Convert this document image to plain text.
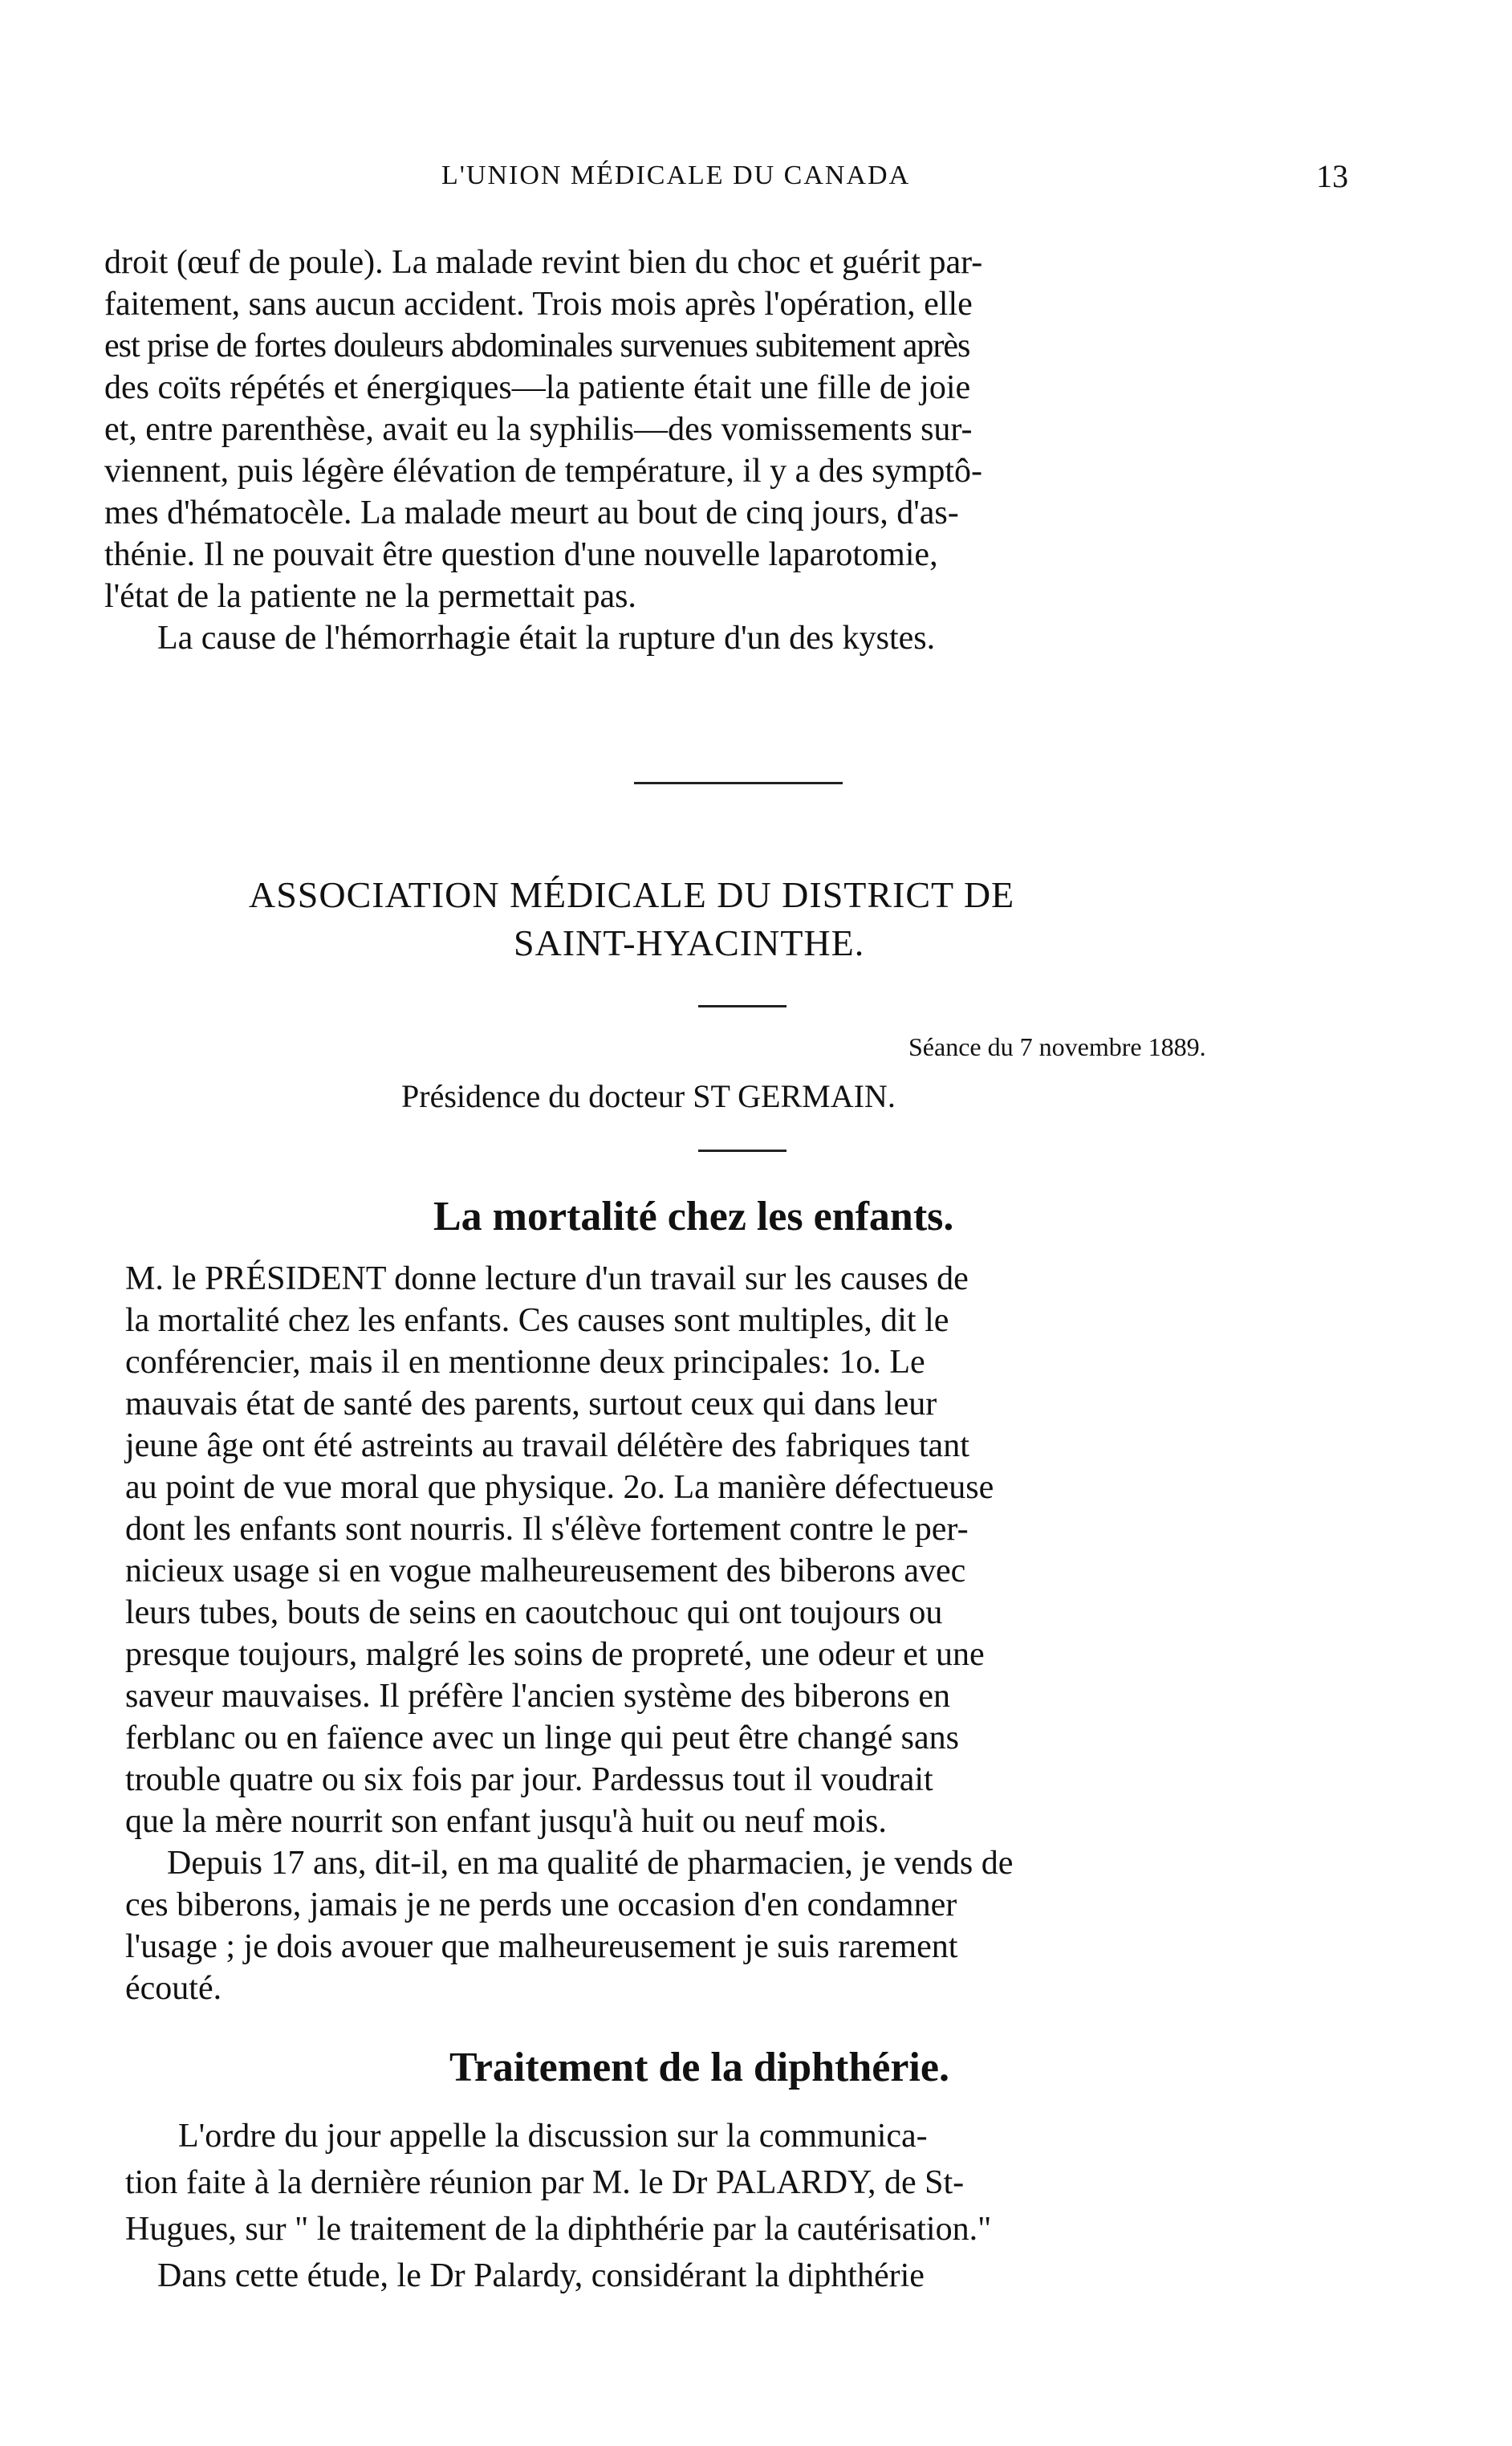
L'UNION MÉDICALE DU CANADA	13
droit (œuf de poule). La malade revint bien du choc et guérit par-
faitement, sans aucun accident. Trois mois après l'opération, elle
est prise de fortes douleurs abdominales survenues subitement après
des coïts répétés et énergiques—la patiente était une fille de joie
et, entre parenthèse, avait eu la syphilis—des vomissements sur-
viennent, puis légère élévation de température, il y a des symptô-
mes d'hématocèle. La malade meurt au bout de cinq jours, d'as-
thénie. Il ne pouvait être question d'une nouvelle laparotomie,
l'état de la patiente ne la permettait pas.
La cause de l'hémorrhagie était la rupture d'un des kystes.
ASSOCIATION MÉDICALE DU DISTRICT DE
SAINT-HYACINTHE.
Séance du 7 novembre 1889.
Présidence du docteur ST GERMAIN.
La mortalité chez les enfants.
M. le PRÉSIDENT donne lecture d'un travail sur les causes de
la mortalité chez les enfants. Ces causes sont multiples, dit le
conférencier, mais il en mentionne deux principales: 1o. Le
mauvais état de santé des parents, surtout ceux qui dans leur
jeune âge ont été astreints au travail délétère des fabriques tant
au point de vue moral que physique. 2o. La manière défectueuse
dont les enfants sont nourris. Il s'élève fortement contre le per-
nicieux usage si en vogue malheureusement des biberons avec
leurs tubes, bouts de seins en caoutchouc qui ont toujours ou
presque toujours, malgré les soins de propreté, une odeur et une
saveur mauvaises. Il préfère l'ancien système des biberons en
ferblanc ou en faïence avec un linge qui peut être changé sans
trouble quatre ou six fois par jour. Pardessus tout il voudrait
que la mère nourrit son enfant jusqu'à huit ou neuf mois.
Depuis 17 ans, dit-il, en ma qualité de pharmacien, je vends de
ces biberons, jamais je ne perds une occasion d'en condamner
l'usage ; je dois avouer que malheureusement je suis rarement
écouté.
Traitement de la diphthérie.
L'ordre du jour appelle la discussion sur la communica-
tion faite à la dernière réunion par M. le Dr PALARDY, de St-
Hugues, sur " le traitement de la diphthérie par la cautérisation."
Dans cette étude, le Dr Palardy, considérant la diphthérie
